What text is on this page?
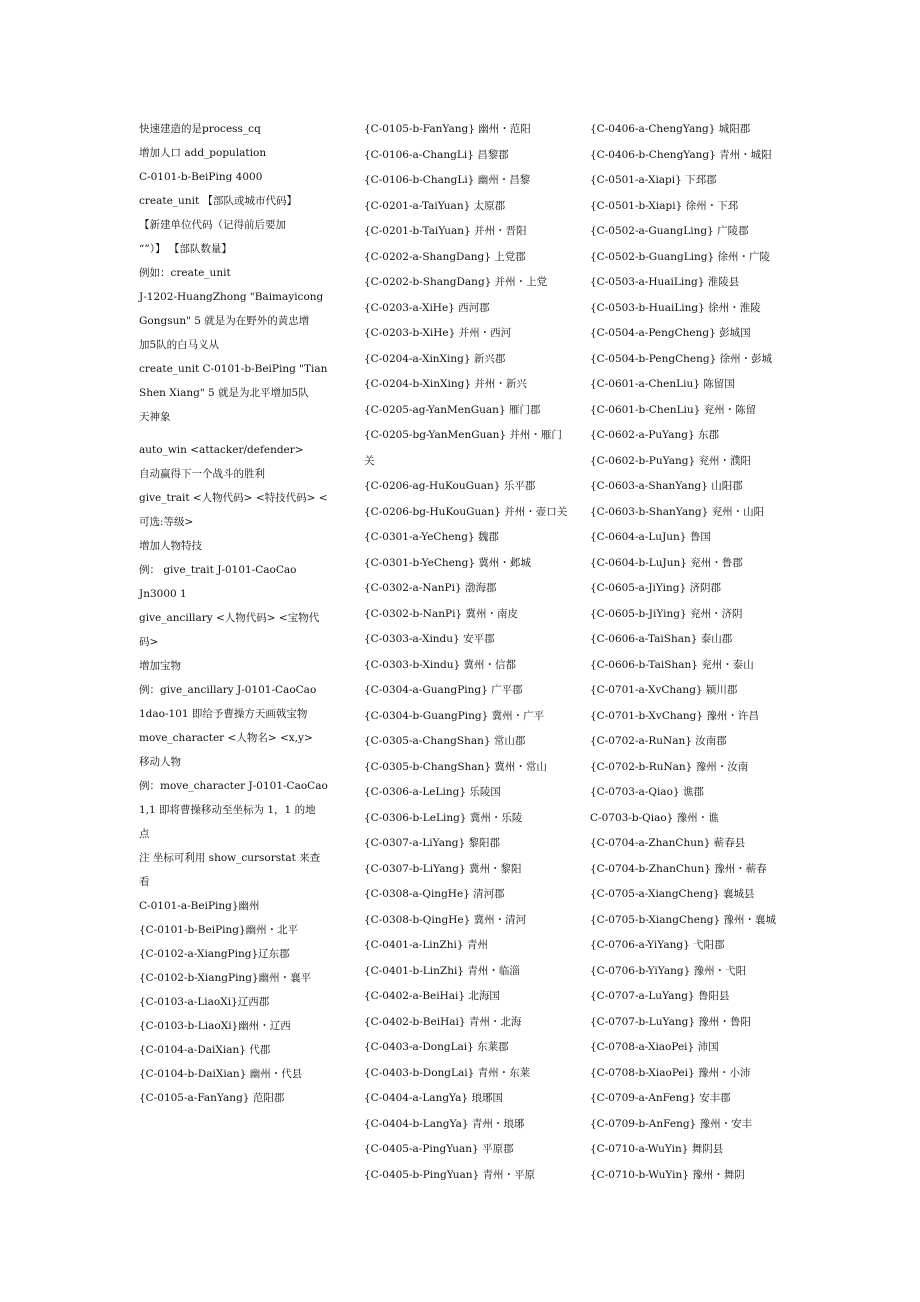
快速建造的是process_cq
增加人口 add_population
C-0101-b-BeiPing 4000
create_unit 【部队或城市代码】
【新建单位代码（记得前后要加
“”）】 【部队数量】
例如：create_unit
J-1202-HuangZhong "Baimayicong
Gongsun" 5 就是为在野外的黄忠增
加5队的白马义从
create_unit C-0101-b-BeiPing "Tian
Shen Xiang" 5 就是为北平增加5队
天神象
auto_win <attacker/defender>
自动赢得下一个战斗的胜利
give_trait <人物代码> <特技代码> <
可选:等级>
增加人物特技
例： give_trait J-0101-CaoCao
Jn3000 1
give_ancillary <人物代码> <宝物代
码>
增加宝物
例：give_ancillary J-0101-CaoCao
1dao-101 即给予曹操方天画戟宝物
move_character <人物名> <x,y>
移动人物
例：move_character J-0101-CaoCao
1,1 即将曹操移动至坐标为 1，1 的地
点
注 坐标可利用 show_cursorstat 来查
看
C-0101-a-BeiPing}幽州
{C-0101-b-BeiPing}幽州・北平
{C-0102-a-XiangPing}辽东郡
{C-0102-b-XiangPing}幽州・襄平
{C-0103-a-LiaoXi}辽西郡
{C-0103-b-LiaoXi}幽州・辽西
{C-0104-a-DaiXian} 代郡
{C-0104-b-DaiXian} 幽州・代县
{C-0105-a-FanYang} 范阳郡
{C-0105-b-FanYang} 幽州・范阳
{C-0106-a-ChangLi} 昌黎郡
{C-0106-b-ChangLi} 幽州・昌黎
{C-0201-a-TaiYuan} 太原郡
{C-0201-b-TaiYuan} 并州・晋阳
{C-0202-a-ShangDang} 上党郡
{C-0202-b-ShangDang} 并州・上党
{C-0203-a-XiHe} 西河郡
{C-0203-b-XiHe} 并州・西河
{C-0204-a-XinXing} 新兴郡
{C-0204-b-XinXing} 并州・新兴
{C-0205-ag-YanMenGuan} 雁门郡
{C-0205-bg-YanMenGuan} 并州・雁门
关
{C-0206-ag-HuKouGuan} 乐平郡
{C-0206-bg-HuKouGuan} 并州・壶口关
{C-0301-a-YeCheng} 魏郡
{C-0301-b-YeCheng} 冀州・邺城
{C-0302-a-NanPi} 渤海郡
{C-0302-b-NanPi} 冀州・南皮
{C-0303-a-Xindu} 安平郡
{C-0303-b-Xindu} 冀州・信都
{C-0304-a-GuangPing} 广平郡
{C-0304-b-GuangPing} 冀州・广平
{C-0305-a-ChangShan} 常山郡
{C-0305-b-ChangShan} 冀州・常山
{C-0306-a-LeLing} 乐陵国
{C-0306-b-LeLing} 冀州・乐陵
{C-0307-a-LiYang} 黎阳郡
{C-0307-b-LiYang} 冀州・黎阳
{C-0308-a-QingHe} 清河郡
{C-0308-b-QingHe} 冀州・清河
{C-0401-a-LinZhi} 青州
{C-0401-b-LinZhi} 青州・临淄
{C-0402-a-BeiHai} 北海国
{C-0402-b-BeiHai} 青州・北海
{C-0403-a-DongLai} 东莱郡
{C-0403-b-DongLai} 青州・东莱
{C-0404-a-LangYa} 琅琊国
{C-0404-b-LangYa} 青州・琅琊
{C-0405-a-PingYuan} 平原郡
{C-0405-b-PingYuan} 青州・平原
{C-0406-a-ChengYang} 城阳郡
{C-0406-b-ChengYang} 青州・城阳
{C-0501-a-Xiapi} 下邳郡
{C-0501-b-Xiapi} 徐州・下邳
{C-0502-a-GuangLing} 广陵郡
{C-0502-b-GuangLing} 徐州・广陵
{C-0503-a-HuaiLing} 淮陵县
{C-0503-b-HuaiLing} 徐州・淮陵
{C-0504-a-PengCheng} 彭城国
{C-0504-b-PengCheng} 徐州・彭城
{C-0601-a-ChenLiu} 陈留国
{C-0601-b-ChenLiu} 兖州・陈留
{C-0602-a-PuYang} 东郡
{C-0602-b-PuYang} 兖州・濮阳
{C-0603-a-ShanYang} 山阳郡
{C-0603-b-ShanYang} 兖州・山阳
{C-0604-a-LuJun} 鲁国
{C-0604-b-LuJun} 兖州・鲁郡
{C-0605-a-JiYing} 济阴郡
{C-0605-b-JiYing} 兖州・济阴
{C-0606-a-TaiShan} 泰山郡
{C-0606-b-TaiShan} 兖州・泰山
{C-0701-a-XvChang} 颍川郡
{C-0701-b-XvChang} 豫州・许昌
{C-0702-a-RuNan} 汝南郡
{C-0702-b-RuNan} 豫州・汝南
{C-0703-a-Qiao} 谯郡
C-0703-b-Qiao} 豫州・谯
{C-0704-a-ZhanChun} 蕲春县
{C-0704-b-ZhanChun} 豫州・蕲春
{C-0705-a-XiangCheng} 襄城县
{C-0705-b-XiangCheng} 豫州・襄城
{C-0706-a-YiYang} 弋阳郡
{C-0706-b-YiYang} 豫州・弋阳
{C-0707-a-LuYang} 鲁阳县
{C-0707-b-LuYang} 豫州・鲁阳
{C-0708-a-XiaoPei} 沛国
{C-0708-b-XiaoPei} 豫州・小沛
{C-0709-a-AnFeng} 安丰郡
{C-0709-b-AnFeng} 豫州・安丰
{C-0710-a-WuYin} 舞阴县
{C-0710-b-WuYin} 豫州・舞阴
